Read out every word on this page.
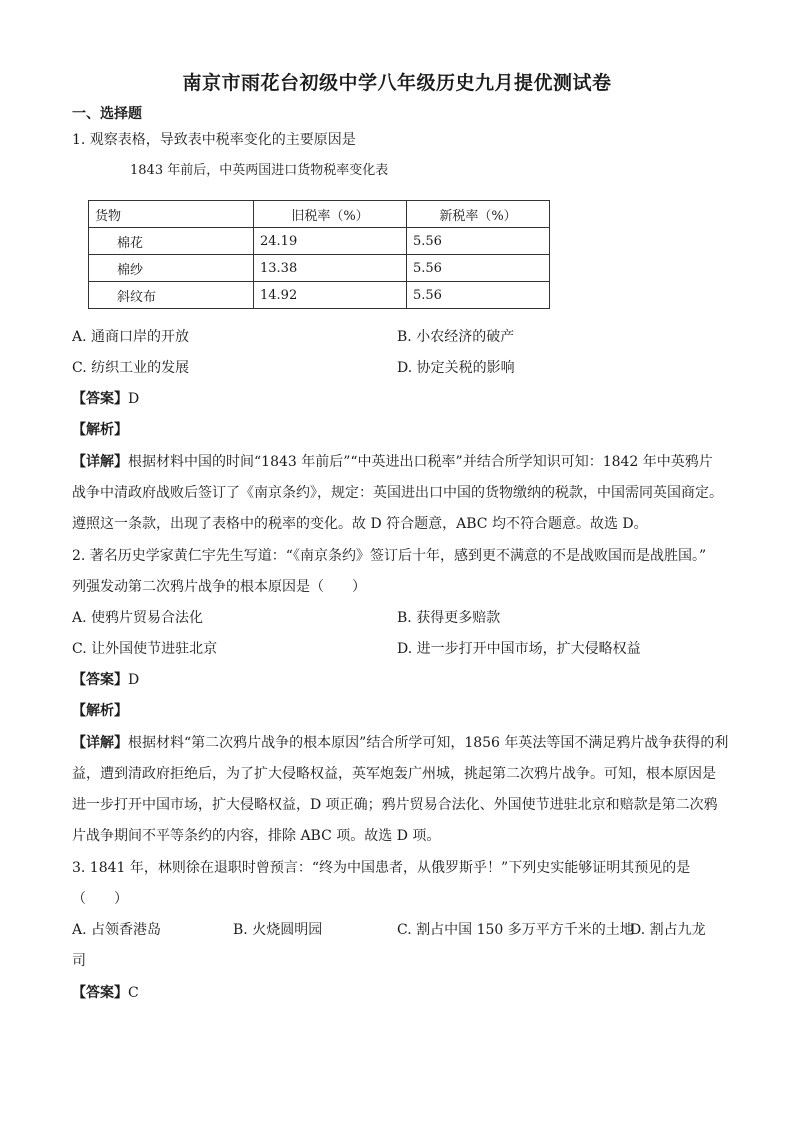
南京市雨花台初级中学八年级历史九月提优测试卷
一、选择题
1. 观察表格，导致表中税率变化的主要原因是
1843 年前后，中英两国进口货物税率变化表
货物	旧税率（%）	新税率（%）
棉花	24.19	5.56
棉纱	13.38	5.56
斜纹布	14.92	5.56
A. 通商口岸的开放	B. 小农经济的破产
C. 纺织工业的发展	D. 协定关税的影响
【答案】D
【解析】
【详解】根据材料中国的时间“1843 年前后”“中英进出口税率”并结合所学知识可知：1842 年中英鸦片
战争中清政府战败后签订了《南京条约》，规定：英国进出口中国的货物缴纳的税款，中国需同英国商定。
遵照这一条款，出现了表格中的税率的变化。故 D 符合题意，ABC 均不符合题意。故选 D。
2. 著名历史学家黄仁宇先生写道：“《南京条约》签订后十年，感到更不满意的不是战败国而是战胜国。”
列强发动第二次鸦片战争的根本原因是（　　）
A. 使鸦片贸易合法化	B. 获得更多赔款
C. 让外国使节进驻北京	D. 进一步打开中国市场，扩大侵略权益
【答案】D
【解析】
【详解】根据材料“第二次鸦片战争的根本原因”结合所学可知，1856 年英法等国不满足鸦片战争获得的利
益，遭到清政府拒绝后，为了扩大侵略权益，英军炮轰广州城，挑起第二次鸦片战争。可知，根本原因是
进一步打开中国市场，扩大侵略权益，D 项正确；鸦片贸易合法化、外国使节进驻北京和赔款是第二次鸦
片战争期间不平等条约的内容，排除 ABC 项。故选 D 项。
3. 1841 年，林则徐在退职时曾预言：“终为中国患者，从俄罗斯乎！”下列史实能够证明其预见的是
（　　）
A. 占领香港岛	B. 火烧圆明园	C. 割占中国 150 多万平方千米的土地
D. 割占九龙
司
【答案】C
